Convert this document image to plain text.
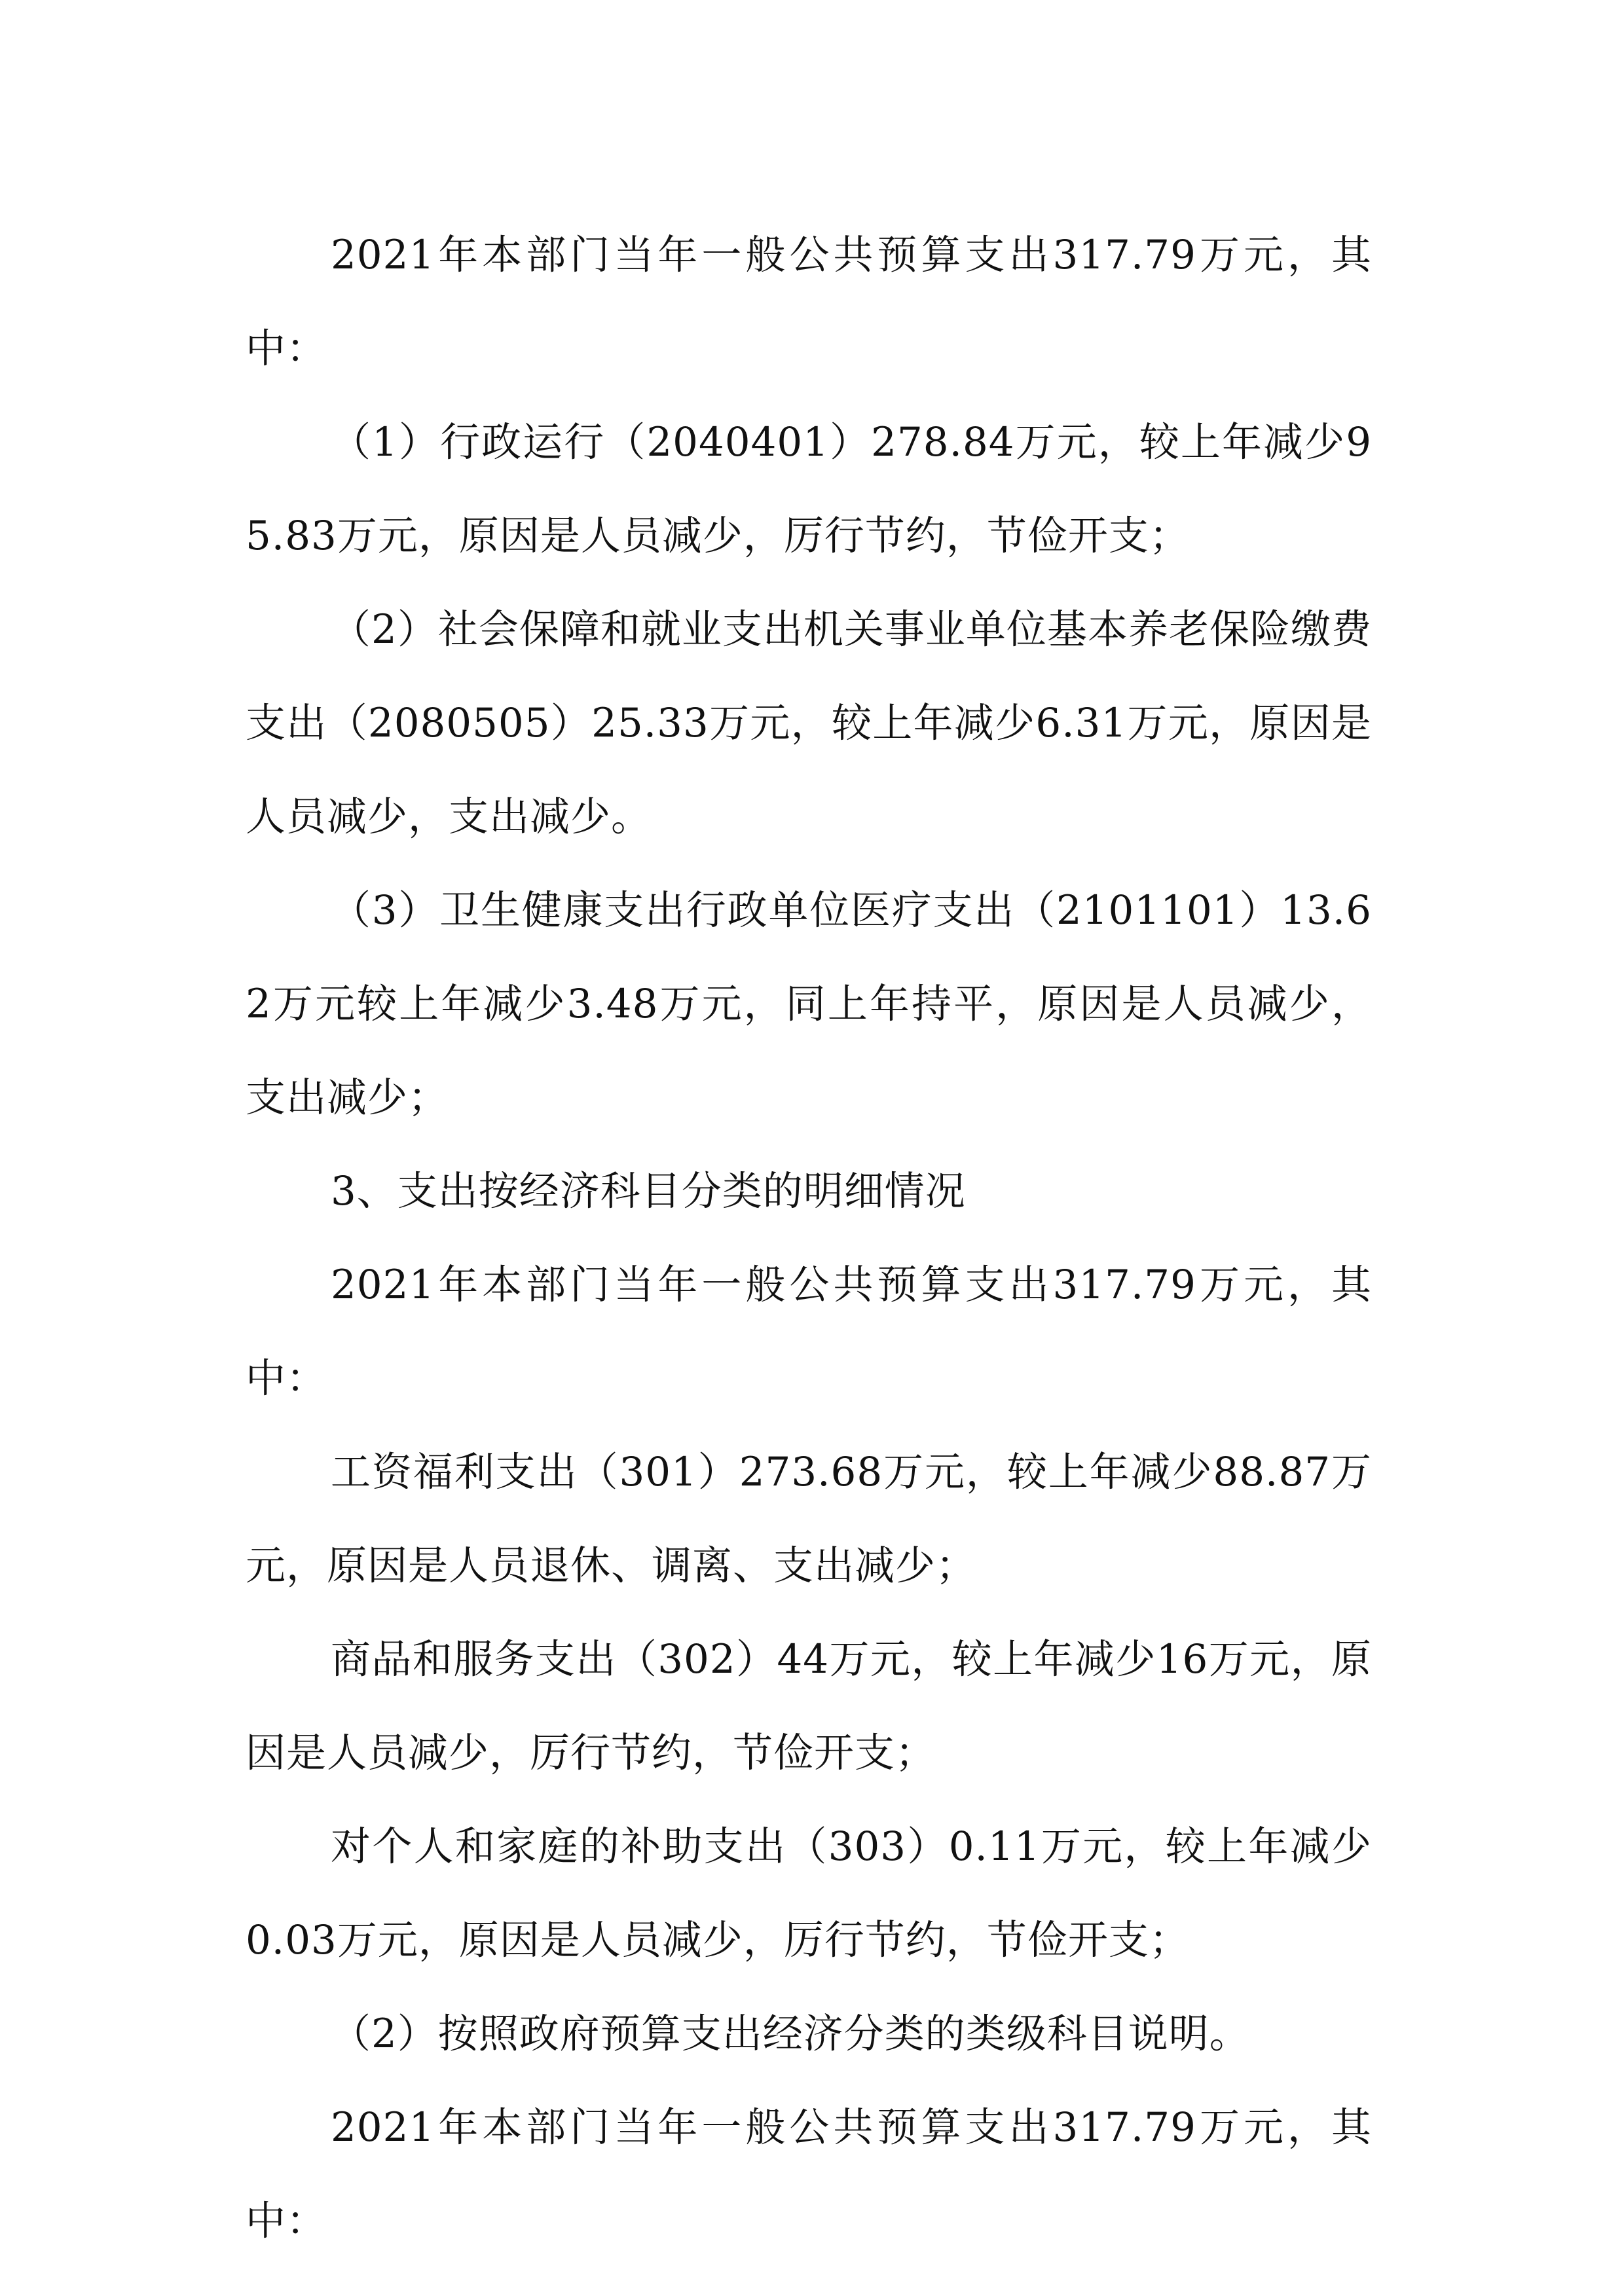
2021年本部门当年一般公共预算支出317.79万元，其中：

（1）行政运行（2040401）278.84万元，较上年减少95.83万元，原因是人员减少，厉行节约，节俭开支；

（2）社会保障和就业支出机关事业单位基本养老保险缴费支出（2080505）25.33万元，较上年减少6.31万元，原因是人员减少，支出减少。

（3）卫生健康支出行政单位医疗支出（2101101）13.62万元较上年减少3.48万元，同上年持平，原因是人员减少，支出减少；

3、支出按经济科目分类的明细情况

2021年本部门当年一般公共预算支出317.79万元，其中：

工资福利支出（301）273.68万元，较上年减少88.87万元，原因是人员退休、调离、支出减少；

商品和服务支出（302）44万元，较上年减少16万元，原因是人员减少，厉行节约，节俭开支；

对个人和家庭的补助支出（303）0.11万元，较上年减少0.03万元，原因是人员减少，厉行节约，节俭开支；

（2）按照政府预算支出经济分类的类级科目说明。

2021年本部门当年一般公共预算支出317.79万元，其中：
